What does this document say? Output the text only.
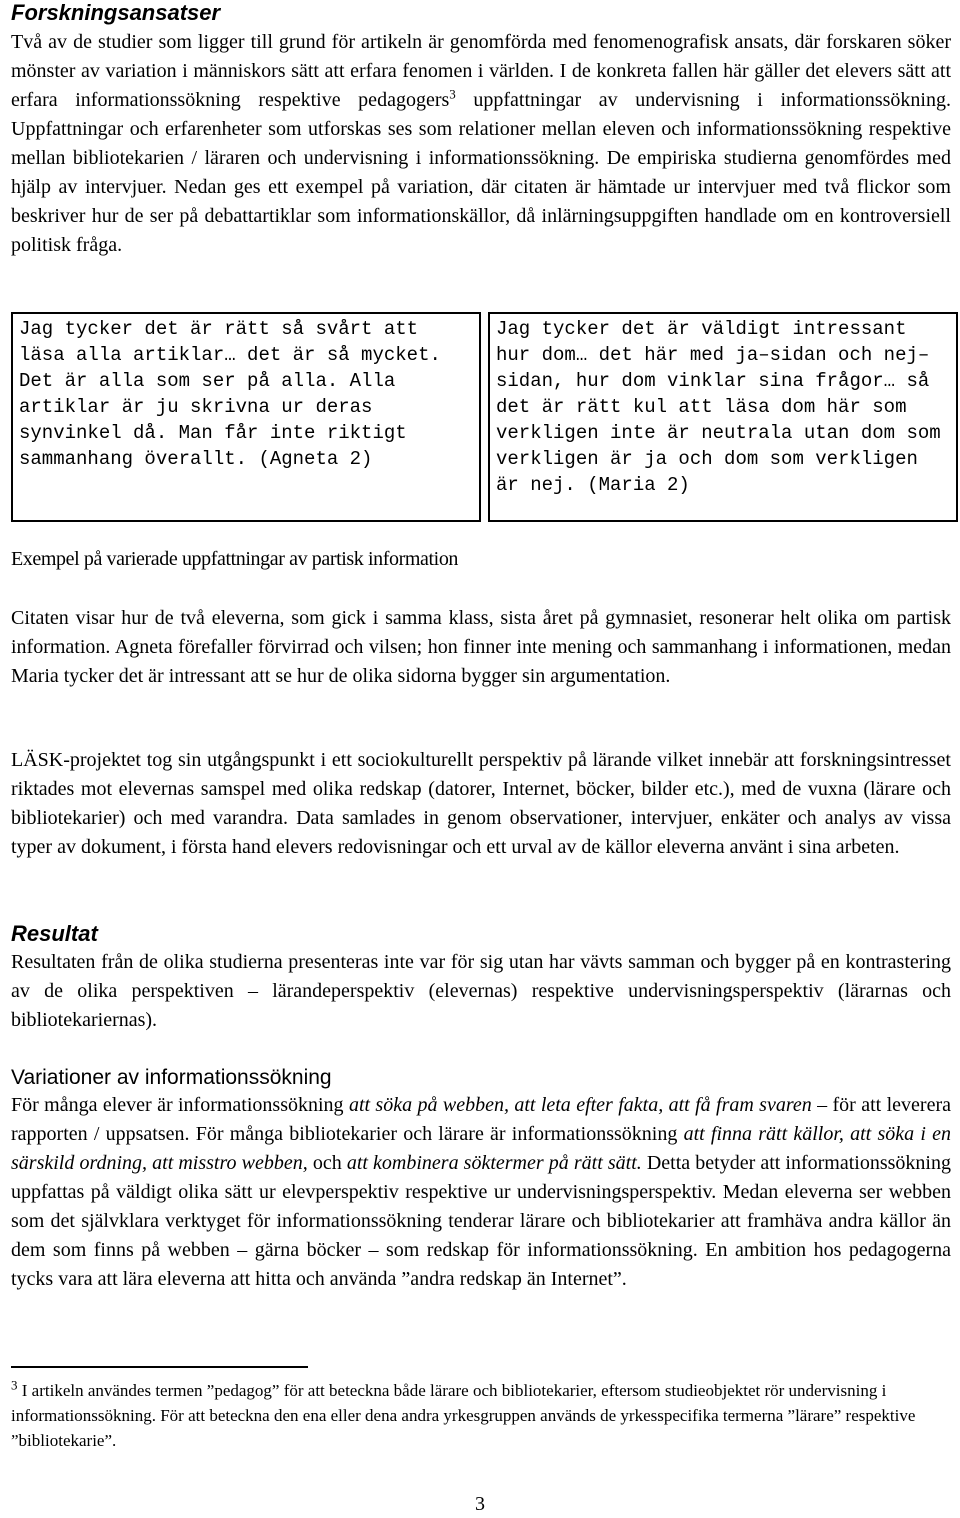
Forskningsansatser

Två av de studier som ligger till grund för artikeln är genomförda med fenomenografisk ansats, där forskaren söker mönster av variation i människors sätt att erfara fenomen i världen. I de konkreta fallen här gäller det elevers sätt att erfara informationssökning respektive pedagogers$^3$ uppfattningar av undervisning i informationssökning. Uppfattningar och erfarenheter som utforskas ses som relationer mellan eleven och informationssökning respektive mellan bibliotekarien / läraren och undervisning i informationssökning. De empiriska studierna genomfördes med hjälp av intervjuer. Nedan ges ett exempel på variation, där citaten är hämtade ur intervjuer med två flickor som beskriver hur de ser på debattartiklar som informationskällor, då inlärningsuppgiften handlade om en kontroversiell politisk fråga.

Jag tycker det är rätt så svårt att läsa alla artiklar… det är så mycket. Det är alla som ser på alla. Alla artiklar är ju skrivna ur deras synvinkel då. Man får inte riktigt sammanhang överallt. (Agneta 2)
Jag tycker det är väldigt intressant hur dom… det här med ja–sidan och nej–sidan, hur dom vinklar sina frågor… så det är rätt kul att läsa dom här som verkligen inte är neutrala utan dom som verkligen är ja och dom som verkligen är nej. (Maria 2)
Exempel på varierade uppfattningar av partisk information

Citaten visar hur de två eleverna, som gick i samma klass, sista året på gymnasiet, resonerar helt olika om partisk information. Agneta förefaller förvirrad och vilsen; hon finner inte mening och sammanhang i informationen, medan Maria tycker det är intressant att se hur de olika sidorna bygger sin argumentation.

LÄSK-projektet tog sin utgångspunkt i ett sociokulturellt perspektiv på lärande vilket innebär att forskningsintresset riktades mot elevernas samspel med olika redskap (datorer, Internet, böcker, bilder etc.), med de vuxna (lärare och bibliotekarier) och med varandra. Data samlades in genom observationer, intervjuer, enkäter och analys av vissa typer av dokument, i första hand elevers redovisningar och ett urval av de källor eleverna använt i sina arbeten.

Resultat

Resultaten från de olika studierna presenteras inte var för sig utan har vävts samman och bygger på en kontrastering av de olika perspektiven – lärandeperspektiv (elevernas) respektive undervisningsperspektiv (lärarnas och bibliotekariernas).

Variationer av informationssökning

För många elever är informationssökning att söka på webben, att leta efter fakta, att få fram svaren – för att leverera rapporten / uppsatsen. För många bibliotekarier och lärare är informationssökning att finna rätt källor, att söka i en särskild ordning, att misstro webben, och att kombinera söktermer på rätt sätt. Detta betyder att informationssökning uppfattas på väldigt olika sätt ur elevperspektiv respektive ur undervisningsperspektiv. Medan eleverna ser webben som det självklara verktyget för informationssökning tenderar lärare och bibliotekarier att framhäva andra källor än dem som finns på webben – gärna böcker – som redskap för informationssökning. En ambition hos pedagogerna tycks vara att lära eleverna att hitta och använda ”andra redskap än Internet”.

$^3$ I artikeln användes termen ”pedagog” för att beteckna både lärare och bibliotekarier, eftersom studieobjektet rör undervisning i informationssökning. För att beteckna den ena eller dena andra yrkesgruppen används de yrkesspecifika termerna ”lärare” respektive ”bibliotekarie”.
3
